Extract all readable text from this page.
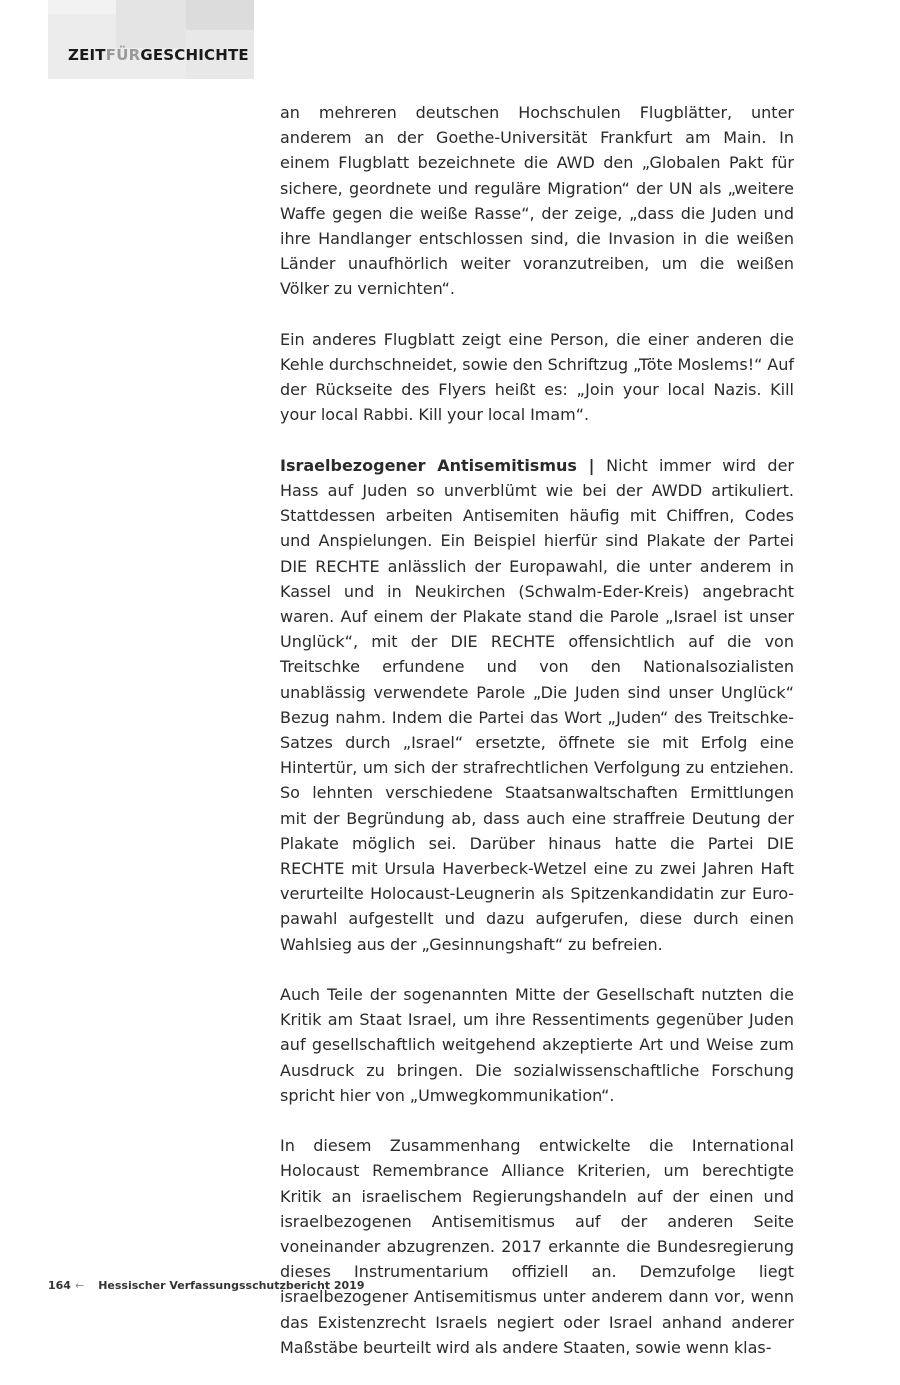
ZEITFÜRGESCHICHTE

an mehreren deutschen Hochschulen Flugblätter, unter anderem an der Goethe-Universität Frankfurt am Main. In einem Flugblatt bezeichnete die AWD den „Globalen Pakt für sichere, geordnete und reguläre Migration“ der UN als „weitere Waffe gegen die weiße Rasse“, der zeige, „dass die Juden und ihre Handlanger entschlossen sind, die Invasion in die weißen Länder unaufhörlich weiter voranzutreiben, um die weißen Völker zu vernichten“.

Ein anderes Flugblatt zeigt eine Person, die einer anderen die Kehle durchschneidet, sowie den Schriftzug „Töte Moslems!“ Auf der Rückseite des Flyers heißt es: „Join your local Nazis. Kill your local Rabbi. Kill your local Imam“.

Israelbezogener Antisemitismus | Nicht immer wird der Hass auf Juden so unverblümt wie bei der AWDD artikuliert. Stattdessen arbeiten Antisemiten häufig mit Chiffren, Codes und Anspielungen. Ein Beispiel hierfür sind Plakate der Partei DIE RECHTE anlässlich der Europawahl, die unter anderem in Kassel und in Neukirchen (Schwalm-Eder-Kreis) angebracht waren. Auf einem der Plakate stand die Parole „Israel ist unser Unglück“, mit der DIE RECHTE offensichtlich auf die von Treitschke erfundene und von den Nationalsozialisten unablässig verwendete Parole „Die Juden sind unser Unglück“ Bezug nahm. Indem die Partei das Wort „Juden“ des Treitschke-Satzes durch „Israel“ ersetzte, öffnete sie mit Erfolg eine Hintertür, um sich der strafrechtlichen Verfolgung zu entziehen. So lehnten verschiedene Staatsanwaltschaften Ermittlungen mit der Begründung ab, dass auch eine straffreie Deutung der Plakate möglich sei. Darüber hinaus hatte die Partei DIE RECHTE mit Ursula Haverbeck-Wetzel eine zu zwei Jahren Haft verurteilte Holocaust-Leugnerin als Spitzenkandidatin zur Europawahl aufgestellt und dazu aufgerufen, diese durch einen Wahlsieg aus der „Gesinnungshaft“ zu befreien.

Auch Teile der sogenannten Mitte der Gesellschaft nutzten die Kritik am Staat Israel, um ihre Ressentiments gegenüber Juden auf gesellschaftlich weitgehend akzeptierte Art und Weise zum Ausdruck zu bringen. Die sozialwissenschaftliche Forschung spricht hier von „Umwegkommunikation“.

In diesem Zusammenhang entwickelte die International Holocaust Remembrance Alliance Kriterien, um berechtigte Kritik an israelischem Regierungshandeln auf der einen und israelbezogenen Antisemitismus auf der anderen Seite voneinander abzugrenzen. 2017 erkannte die Bundesregierung dieses Instrumentarium offiziell an. Demzufolge liegt israelbezogener Antisemitismus unter anderem dann vor, wenn das Existenzrecht Israels negiert oder Israel anhand anderer Maßstäbe beurteilt wird als andere Staaten, sowie wenn klas-

164 ← Hessischer Verfassungsschutzbericht 2019
